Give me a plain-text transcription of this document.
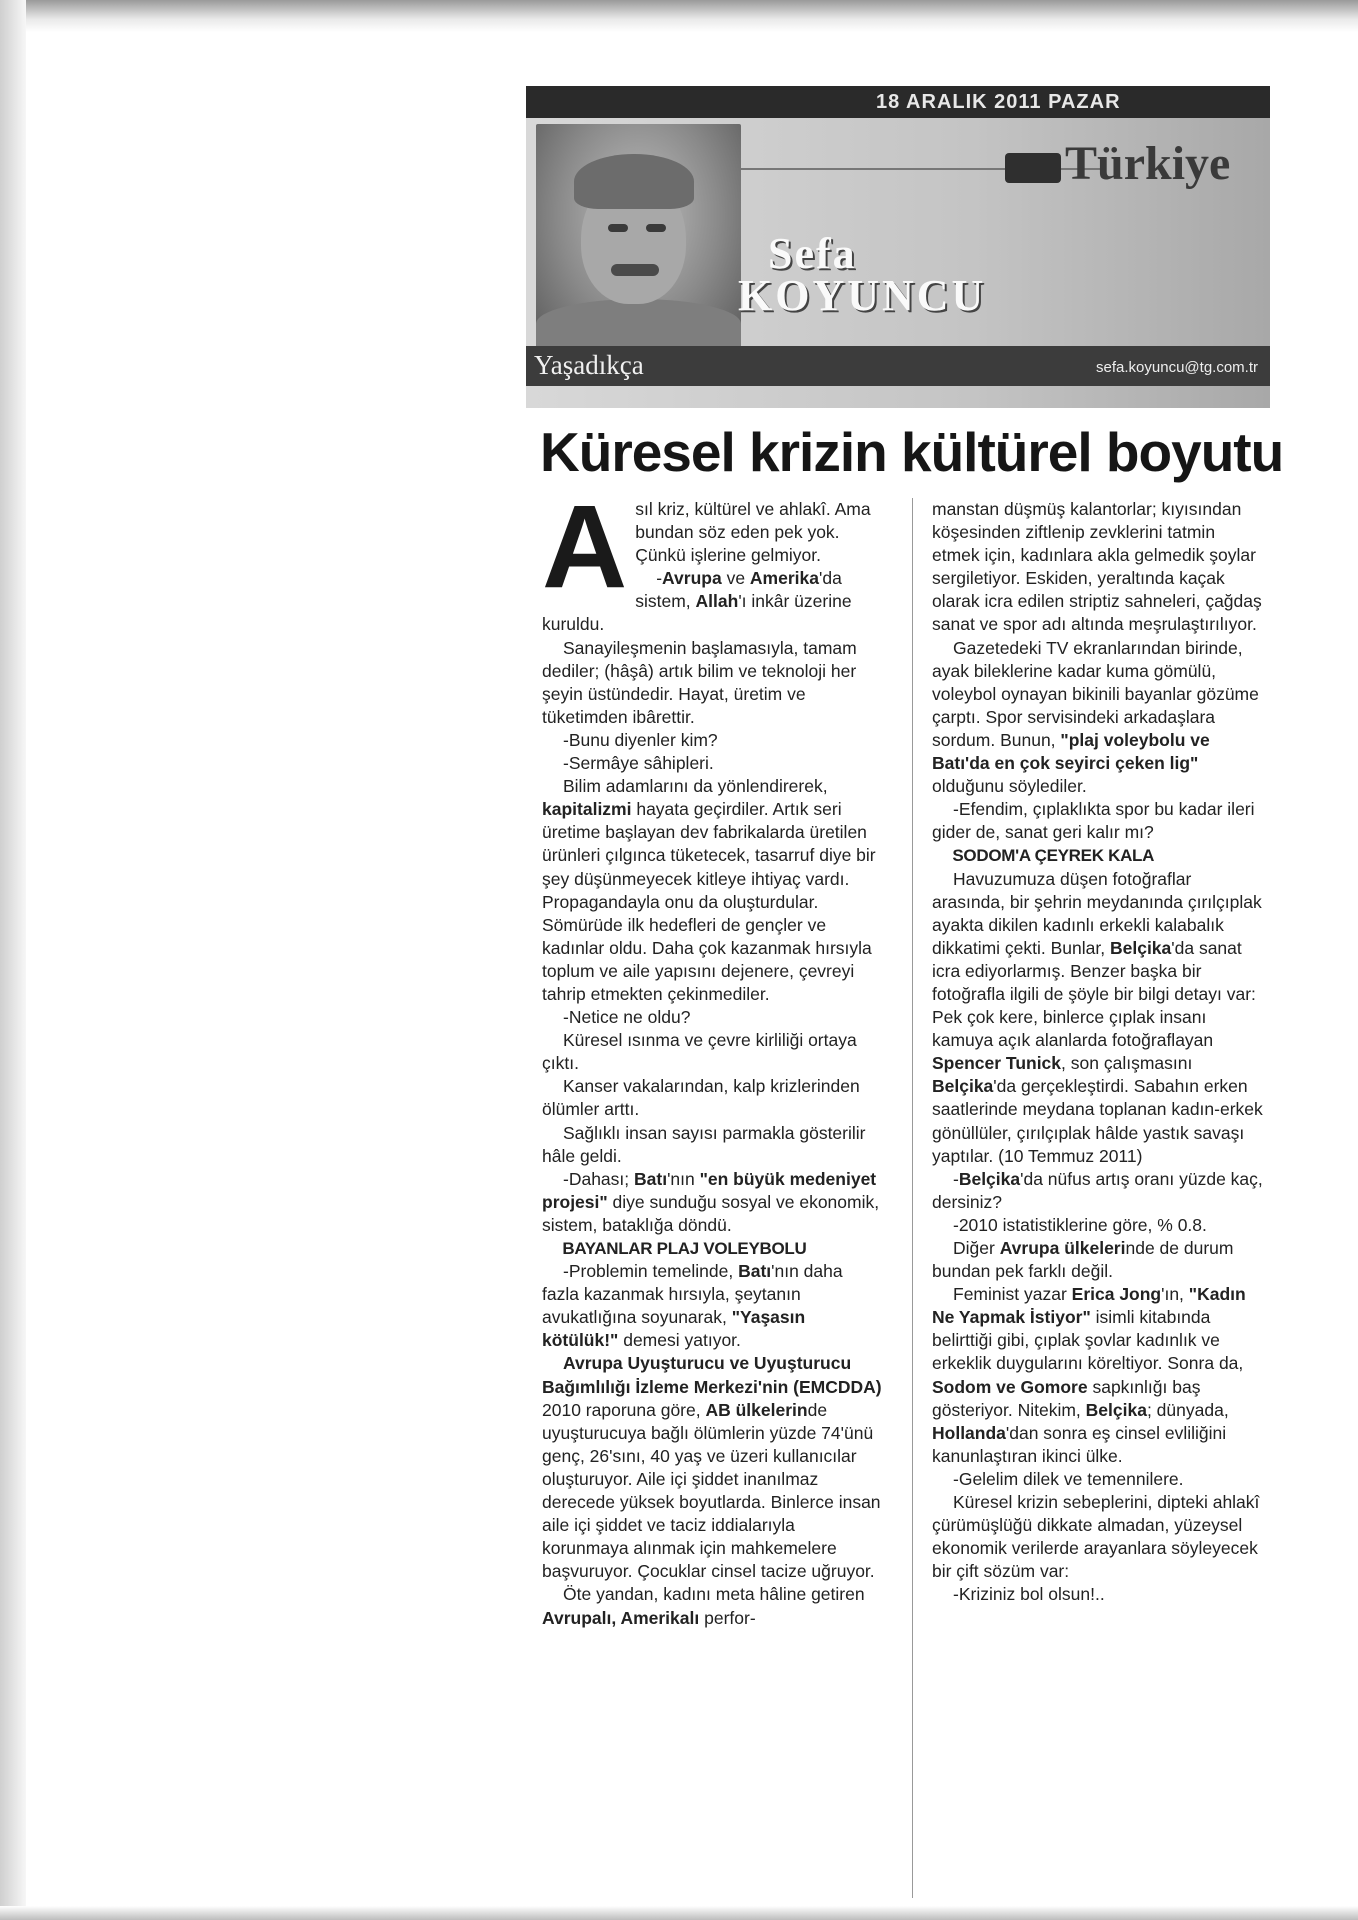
18 ARALIK 2011 PAZAR
Türkiye
Sefa
KOYUNCU
Yaşadıkça	sefa.koyuncu@tg.com.tr
Küresel krizin kültürel boyutu

Asıl kriz, kültürel ve ahlakî. Ama bundan söz eden pek yok. Çünkü işlerine gelmiyor.

-Avrupa ve Amerika'da sistem, Allah'ı inkâr üzerine kuruldu.

Sanayileşmenin başlamasıyla, tamam dediler; (hâşâ) artık bilim ve teknoloji her şeyin üstündedir. Hayat, üretim ve tüketimden ibârettir.

-Bunu diyenler kim?

-Sermâye sâhipleri.

Bilim adamlarını da yönlendirerek, kapitalizmi hayata geçirdiler. Artık seri üretime başlayan dev fabrikalarda üretilen ürünleri çılgınca tüketecek, tasarruf diye bir şey düşünmeyecek kitleye ihtiyaç vardı. Propagandayla onu da oluşturdular. Sömürüde ilk hedefleri de gençler ve kadınlar oldu. Daha çok kazanmak hırsıyla toplum ve aile yapısını dejenere, çevreyi tahrip etmekten çekinmediler.

-Netice ne oldu?

Küresel ısınma ve çevre kirliliği ortaya çıktı.

Kanser vakalarından, kalp krizlerinden ölümler arttı.

Sağlıklı insan sayısı parmakla gösterilir hâle geldi.

-Dahası; Batı'nın "en büyük medeniyet projesi" diye sunduğu sosyal ve ekonomik, sistem, bataklığa döndü.

BAYANLAR PLAJ VOLEYBOLU

-Problemin temelinde, Batı'nın daha fazla kazanmak hırsıyla, şeytanın avukatlığına soyunarak, "Yaşasın kötülük!" demesi yatıyor.

Avrupa Uyuşturucu ve Uyuşturucu Bağımlılığı İzleme Merkezi'nin (EMCDDA) 2010 raporuna göre, AB ülkelerinde uyuşturucuya bağlı ölümlerin yüzde 74'ünü genç, 26'sını, 40 yaş ve üzeri kullanıcılar oluşturuyor. Aile içi şiddet inanılmaz derecede yüksek boyutlarda. Binlerce insan aile içi şiddet ve taciz iddialarıyla korunmaya alınmak için mahkemelere başvuruyor. Çocuklar cinsel tacize uğruyor.

Öte yandan, kadını meta hâline getiren Avrupalı, Amerikalı perfor-

manstan düşmüş kalantorlar; kıyısından köşesinden ziftlenip zevklerini tatmin etmek için, kadınlara akla gelmedik şoylar sergiletiyor. Eskiden, yeraltında kaçak olarak icra edilen striptiz sahneleri, çağdaş sanat ve spor adı altında meşrulaştırılıyor.

Gazetedeki TV ekranlarından birinde, ayak bileklerine kadar kuma gömülü, voleybol oynayan bikinili bayanlar gözüme çarptı. Spor servisindeki arkadaşlara sordum. Bunun, "plaj voleybolu ve Batı'da en çok seyirci çeken lig" olduğunu söylediler.

-Efendim, çıplaklıkta spor bu kadar ileri gider de, sanat geri kalır mı?

SODOM'A ÇEYREK KALA

Havuzumuza düşen fotoğraflar arasında, bir şehrin meydanında çırılçıplak ayakta dikilen kadınlı erkekli kalabalık dikkatimi çekti. Bunlar, Belçika'da sanat icra ediyorlarmış. Benzer başka bir fotoğrafla ilgili de şöyle bir bilgi detayı var: Pek çok kere, binlerce çıplak insanı kamuya açık alanlarda fotoğraflayan Spencer Tunick, son çalışmasını Belçika'da gerçekleştirdi. Sabahın erken saatlerinde meydana toplanan kadın-erkek gönüllüler, çırılçıplak hâlde yastık savaşı yaptılar. (10 Temmuz 2011)

-Belçika'da nüfus artış oranı yüzde kaç, dersiniz?

-2010 istatistiklerine göre, % 0.8.

Diğer Avrupa ülkelerinde de durum bundan pek farklı değil.

Feminist yazar Erica Jong'ın, "Kadın Ne Yapmak İstiyor" isimli kitabında belirttiği gibi, çıplak şovlar kadınlık ve erkeklik duygularını köreltiyor. Sonra da, Sodom ve Gomore sapkınlığı baş gösteriyor. Nitekim, Belçika; dünyada, Hollanda'dan sonra eş cinsel evliliğini kanunlaştıran ikinci ülke.

-Gelelim dilek ve temennilere.

Küresel krizin sebeplerini, dipteki ahlakî çürümüşlüğü dikkate almadan, yüzeysel ekonomik verilerde arayanlara söyleyecek bir çift sözüm var:

-Kriziniz bol olsun!..
